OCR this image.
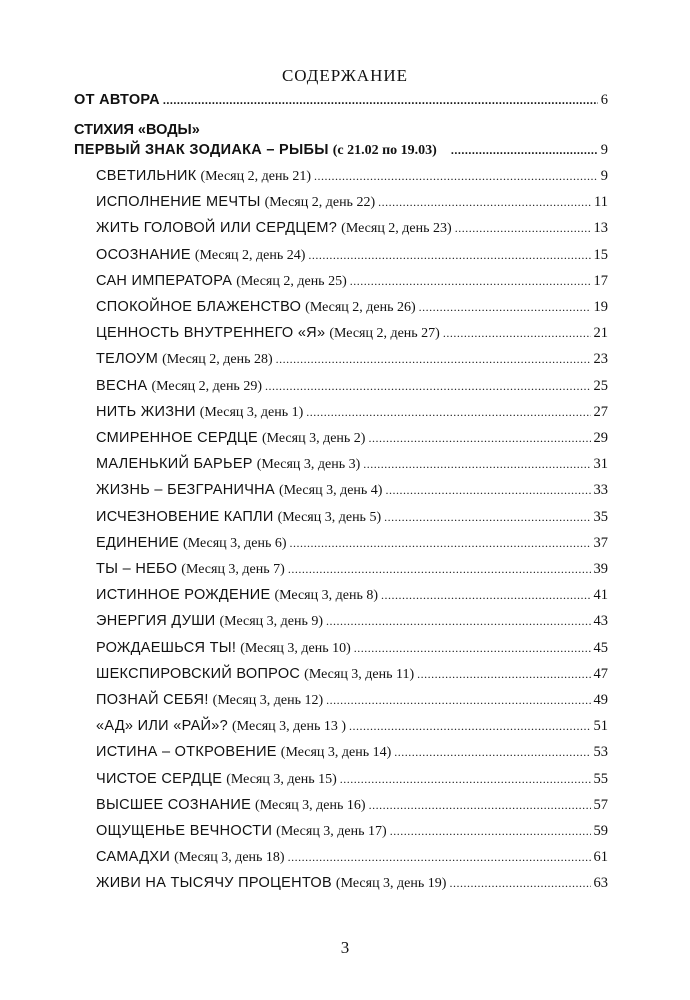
СОДЕРЖАНИЕ
ОТ АВТОРА .....	6
СТИХИЯ «ВОДЫ»
ПЕРВЫЙ ЗНАК ЗОДИАКА – РЫБЫ (с 21.02 по 19.03) .....	9
СВЕТИЛЬНИК (Месяц 2, день 21) .....	9
ИСПОЛНЕНИЕ МЕЧТЫ (Месяц 2, день 22) .....	11
ЖИТЬ ГОЛОВОЙ ИЛИ СЕРДЦЕМ? (Месяц 2, день 23) .....	13
ОСОЗНАНИЕ (Месяц 2, день 24) .....	15
САН ИМПЕРАТОРА (Месяц 2, день 25) .....	17
СПОКОЙНОЕ БЛАЖЕНСТВО (Месяц 2, день 26) .....	19
ЦЕННОСТЬ ВНУТРЕННЕГО «Я» (Месяц 2, день 27) .....	21
ТЕЛОУМ (Месяц 2, день 28) .....	23
ВЕСНА (Месяц 2, день 29) .....	25
НИТЬ ЖИЗНИ (Месяц 3, день 1) .....	27
СМИРЕННОЕ СЕРДЦЕ (Месяц 3, день 2) .....	29
МАЛЕНЬКИЙ БАРЬЕР (Месяц 3, день 3) .....	31
ЖИЗНЬ – БЕЗГРАНИЧНА (Месяц 3, день 4) .....	33
ИСЧЕЗНОВЕНИЕ КАПЛИ (Месяц 3, день 5) .....	35
ЕДИНЕНИЕ (Месяц 3, день 6) .....	37
ТЫ – НЕБО (Месяц 3, день 7) .....	39
ИСТИННОЕ РОЖДЕНИЕ (Месяц 3, день 8) .....	41
ЭНЕРГИЯ ДУШИ (Месяц 3, день 9) .....	43
РОЖДАЕШЬСЯ ТЫ! (Месяц 3, день 10) .....	45
ШЕКСПИРОВСКИЙ ВОПРОС (Месяц 3, день 11) .....	47
ПОЗНАЙ СЕБЯ! (Месяц 3, день 12) .....	49
«АД» ИЛИ «РАЙ»? (Месяц 3, день 13 ) .....	51
ИСТИНА – ОТКРОВЕНИЕ (Месяц 3, день 14) .....	53
ЧИСТОЕ СЕРДЦЕ (Месяц 3, день 15) .....	55
ВЫСШЕЕ СОЗНАНИЕ (Месяц 3, день 16) .....	57
ОЩУЩЕНЬЕ ВЕЧНОСТИ (Месяц 3, день 17) .....	59
САМАДХИ (Месяц 3, день 18) .....	61
ЖИВИ НА ТЫСЯЧУ ПРОЦЕНТОВ (Месяц 3, день 19) .....	63
3
